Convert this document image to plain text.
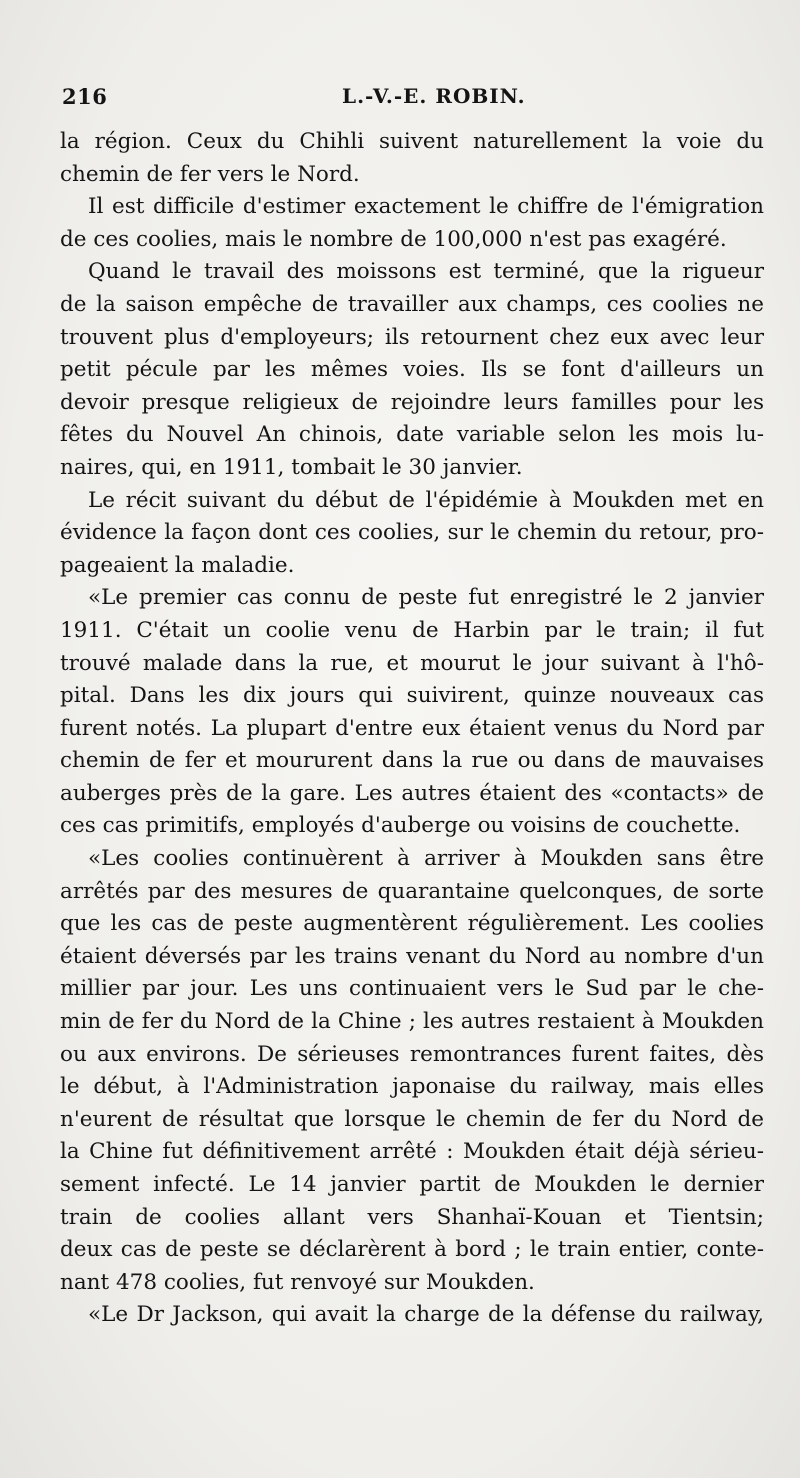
216	L.-V.-E. ROBIN.
la région. Ceux du Chihli suivent naturellement la voie du
chemin de fer vers le Nord.
Il est difficile d'estimer exactement le chiffre de l'émigration
de ces coolies, mais le nombre de 100,000 n'est pas exagéré.
Quand le travail des moissons est terminé, que la rigueur
de la saison empêche de travailler aux champs, ces coolies ne
trouvent plus d'employeurs; ils retournent chez eux avec leur
petit pécule par les mêmes voies. Ils se font d'ailleurs un
devoir presque religieux de rejoindre leurs familles pour les
fêtes du Nouvel An chinois, date variable selon les mois lu-
naires, qui, en 1911, tombait le 30 janvier.
Le récit suivant du début de l'épidémie à Moukden met en
évidence la façon dont ces coolies, sur le chemin du retour, pro-
pageaient la maladie.
«Le premier cas connu de peste fut enregistré le 2 janvier
1911. C'était un coolie venu de Harbin par le train; il fut
trouvé malade dans la rue, et mourut le jour suivant à l'hô-
pital. Dans les dix jours qui suivirent, quinze nouveaux cas
furent notés. La plupart d'entre eux étaient venus du Nord par
chemin de fer et moururent dans la rue ou dans de mauvaises
auberges près de la gare. Les autres étaient des «contacts» de
ces cas primitifs, employés d'auberge ou voisins de couchette.
«Les coolies continuèrent à arriver à Moukden sans être
arrêtés par des mesures de quarantaine quelconques, de sorte
que les cas de peste augmentèrent régulièrement. Les coolies
étaient déversés par les trains venant du Nord au nombre d'un
millier par jour. Les uns continuaient vers le Sud par le che-
min de fer du Nord de la Chine ; les autres restaient à Moukden
ou aux environs. De sérieuses remontrances furent faites, dès
le début, à l'Administration japonaise du railway, mais elles
n'eurent de résultat que lorsque le chemin de fer du Nord de
la Chine fut définitivement arrêté : Moukden était déjà sérieu-
sement infecté. Le 14 janvier partit de Moukden le dernier
train de coolies allant vers Shanhaï-Kouan et Tientsin;
deux cas de peste se déclarèrent à bord ; le train entier, conte-
nant 478 coolies, fut renvoyé sur Moukden.
«Le Dr Jackson, qui avait la charge de la défense du railway,
